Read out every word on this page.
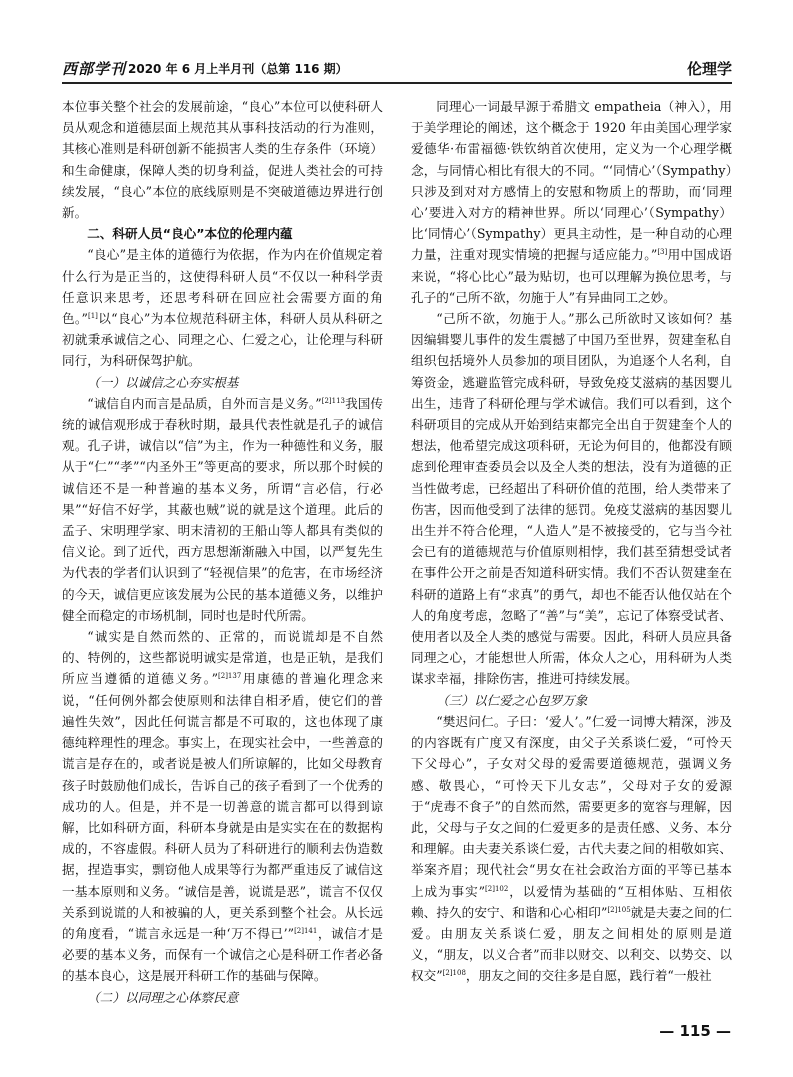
西部学刊 2020 年 6 月上半月刊（总第 116 期）	伦理学

本位事关整个社会的发展前途，“良心”本位可以使科研人员从观念和道德层面上规范其从事科技活动的行为准则，其核心准则是科研创新不能损害人类的生存条件（环境）和生命健康，保障人类的切身利益，促进人类社会的可持续发展，“良心”本位的底线原则是不突破道德边界进行创新。

二、科研人员“良心”本位的伦理内蕴

“良心”是主体的道德行为依据，作为内在价值规定着什么行为是正当的，这使得科研人员“不仅以一种科学责任意识来思考，还思考科研在回应社会需要方面的角色。”[1]以“良心”为本位规范科研主体，科研人员从科研之初就秉承诚信之心、同理之心、仁爱之心，让伦理与科研同行，为科研保驾护航。

（一）以诚信之心夯实根基

“诚信自内而言是品质，自外而言是义务。”$^{[2]113}$我国传统的诚信观形成于春秋时期，最具代表性就是孔子的诚信观。孔子讲，诚信以“信”为主，作为一种德性和义务，服从于“仁”“孝”“内圣外王”等更高的要求，所以那个时候的诚信还不是一种普遍的基本义务，所谓“言必信，行必果”“好信不好学，其蔽也贼”说的就是这个道理。此后的孟子、宋明理学家、明末清初的王船山等人都具有类似的信义论。到了近代，西方思想渐渐融入中国，以严复先生为代表的学者们认识到了“轻视信果”的危害，在市场经济的今天，诚信更应该发展为公民的基本道德义务，以维护健全而稳定的市场机制，同时也是时代所需。

“诚实是自然而然的、正常的，而说谎却是不自然的、特例的，这些都说明诚实是常道，也是正轨，是我们所应当遵循的道德义务。”$^{[2]137}$用康德的普遍化理念来说，“任何例外都会使原则和法律自相矛盾，使它们的普遍性失效”，因此任何谎言都是不可取的，这也体现了康德纯粹理性的理念。事实上，在现实社会中，一些善意的谎言是存在的，或者说是被人们所谅解的，比如父母教育孩子时鼓励他们成长，告诉自己的孩子看到了一个优秀的成功的人。但是，并不是一切善意的谎言都可以得到谅解，比如科研方面，科研本身就是由是实实在在的数据构成的，不容虚假。科研人员为了科研进行的顺利去伪造数据，捏造事实，剽窃他人成果等行为都严重违反了诚信这一基本原则和义务。“诚信是善，说谎是恶”，谎言不仅仅关系到说谎的人和被骗的人，更关系到整个社会。从长远的角度看，“谎言永远是一种‘万不得已’”$^{[2]141}$，诚信才是必要的基本义务，而保有一个诚信之心是科研工作者必备的基本良心，这是展开科研工作的基础与保障。

（二）以同理之心体察民意

同理心一词最早源于希腊文 empatheia（神入），用于美学理论的阐述，这个概念于 1920 年由美国心理学家爱德华·布雷福德·铁钦纳首次使用，定义为一个心理学概念，与同情心相比有很大的不同。“‘同情心’（Sympathy）只涉及到对对方感情上的安慰和物质上的帮助，而‘同理心’要进入对方的精神世界。所以‘同理心’（Sympathy）比‘同情心’（Sympathy）更具主动性，是一种自动的心理力量，注重对现实情境的把握与适应能力。”[3]用中国成语来说，“将心比心”最为贴切，也可以理解为换位思考，与孔子的“己所不欲，勿施于人”有异曲同工之妙。

“己所不欲，勿施于人。”那么己所欲时又该如何？基因编辑婴儿事件的发生震撼了中国乃至世界，贺建奎私自组织包括境外人员参加的项目团队，为追逐个人名利，自筹资金，逃避监管完成科研，导致免疫艾滋病的基因婴儿出生，违背了科研伦理与学术诚信。我们可以看到，这个科研项目的完成从开始到结束都完全出自于贺建奎个人的想法，他希望完成这项科研，无论为何目的，他都没有顾虑到伦理审查委员会以及全人类的想法，没有为道德的正当性做考虑，已经超出了科研价值的范围，给人类带来了伤害，因而他受到了法律的惩罚。免疫艾滋病的基因婴儿出生并不符合伦理，“人造人”是不被接受的，它与当今社会已有的道德规范与价值原则相悖，我们甚至猜想受试者在事件公开之前是否知道科研实情。我们不否认贺建奎在科研的道路上有“求真”的勇气，却也不能否认他仅站在个人的角度考虑，忽略了“善”与“美”，忘记了体察受试者、使用者以及全人类的感觉与需要。因此，科研人员应具备同理之心，才能想世人所需，体众人之心，用科研为人类谋求幸福，排除伤害，推进可持续发展。

（三）以仁爱之心包罗万象

“樊迟问仁。子曰：‘爱人’。”仁爱一词博大精深，涉及的内容既有广度又有深度，由父子关系谈仁爱，“可怜天下父母心”，子女对父母的爱需要道德规范，强调义务感、敬畏心，“可怜天下儿女志”，父母对子女的爱源于“虎毒不食子”的自然而然，需要更多的宽容与理解，因此，父母与子女之间的仁爱更多的是责任感、义务、本分和理解。由夫妻关系谈仁爱，古代夫妻之间的相敬如宾、举案齐眉；现代社会“男女在社会政治方面的平等已基本上成为事实”$^{[2]102}$，以爱情为基础的“互相体贴、互相依赖、持久的安宁、和谐和心心相印”$^{[2]105}$就是夫妻之间的仁爱。由朋友关系谈仁爱，朋友之间相处的原则是道义，“朋友，以义合者”而非以财交、以利交、以势交、以权交”$^{[2]108}$，朋友之间的交往多是自愿，践行着“一般社

— 115 —
